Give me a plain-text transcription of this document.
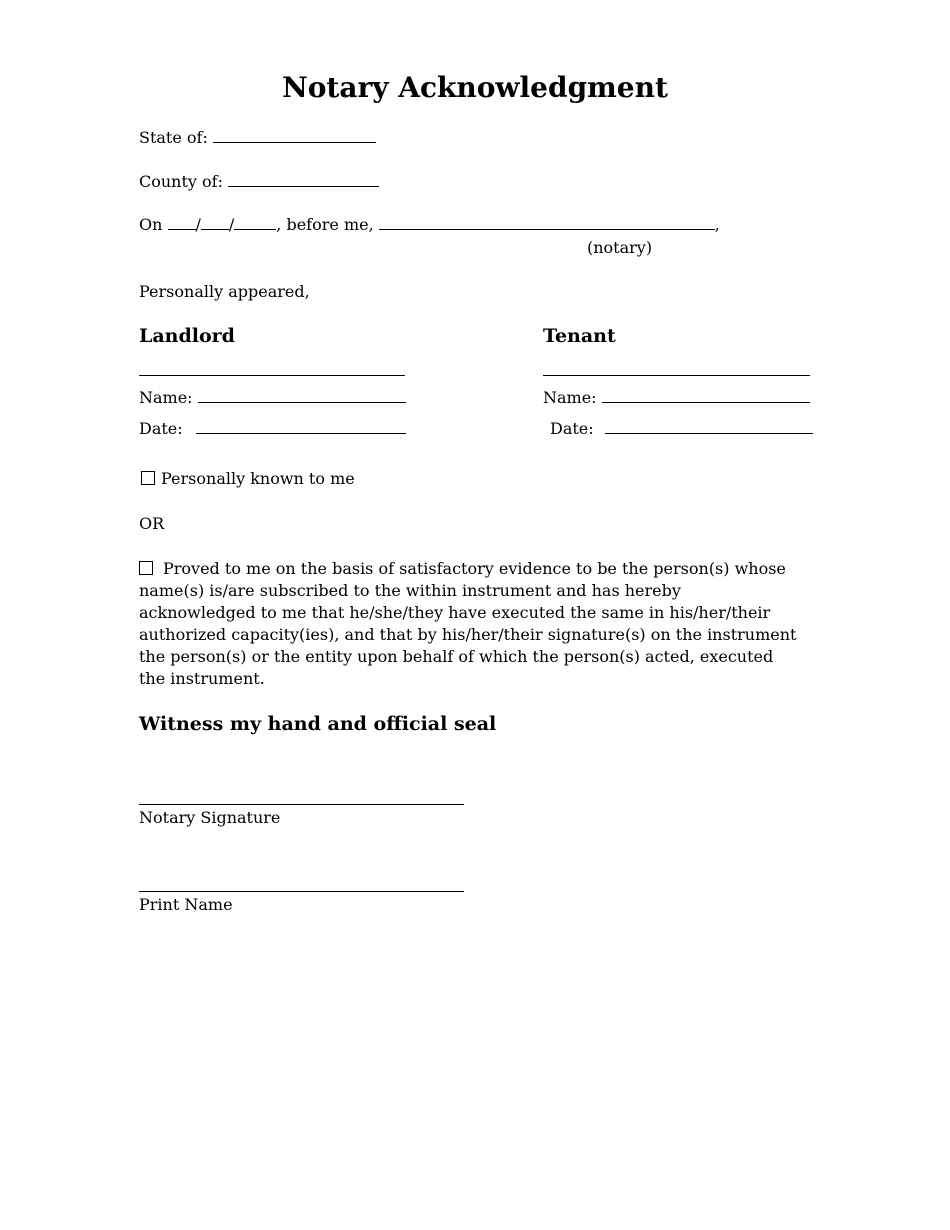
Notary Acknowledgment
State of:
County of:
On / /	, before me,	,
(notary)
Personally appeared,
Landlord
Name:
Date:
Tenant
Name:
Date:
Personally known to me
OR
Proved to me on the basis of satisfactory evidence to be the person(s) whose name(s) is/are subscribed to the within instrument and has hereby acknowledged to me that he/she/they have executed the same in his/her/their authorized capacity(ies), and that by his/her/their signature(s) on the instrument the person(s) or the entity upon behalf of which the person(s) acted, executed the instrument.
Witness my hand and official seal
Notary Signature
Print Name
